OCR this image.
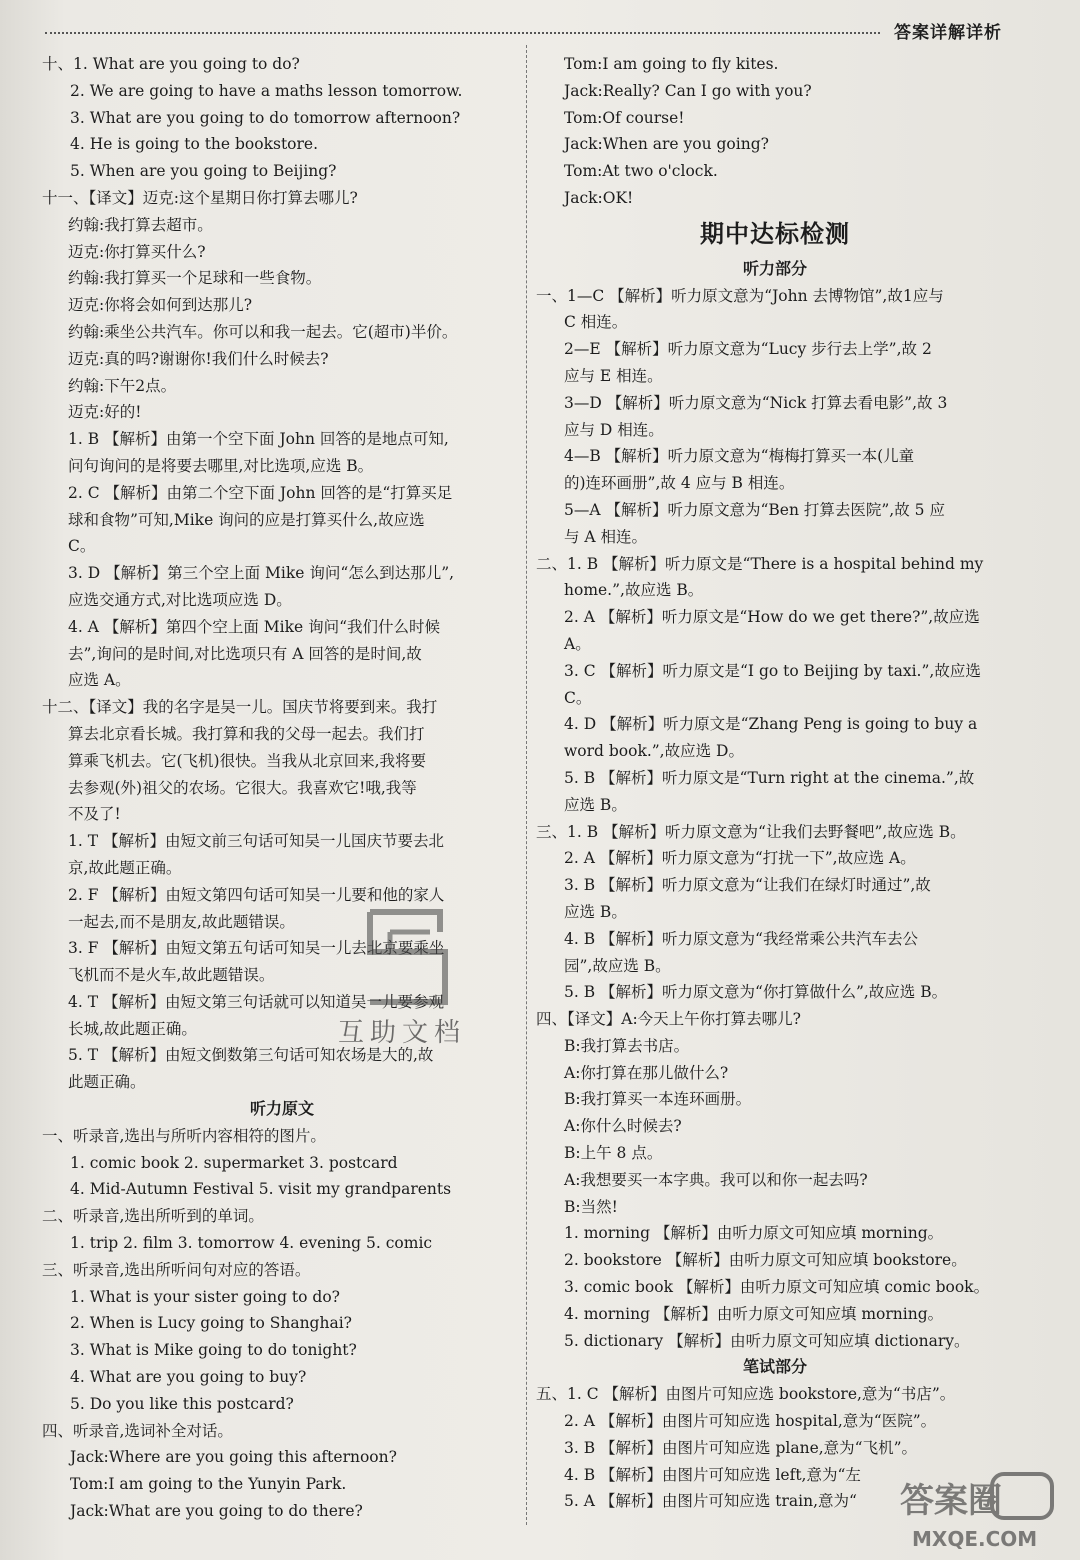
答案详解详析
十、1. What are you going to do?
2. We are going to have a maths lesson tomorrow.
3. What are you going to do tomorrow afternoon?
4. He is going to the bookstore.
5. When are you going to Beijing?
十一、【译文】迈克:这个星期日你打算去哪儿?
约翰:我打算去超市。
迈克:你打算买什么?
约翰:我打算买一个足球和一些食物。
迈克:你将会如何到达那儿?
约翰:乘坐公共汽车。你可以和我一起去。它(超市)半价。
迈克:真的吗?谢谢你!我们什么时候去?
约翰:下午2点。
迈克:好的!
1. B 【解析】由第一个空下面 John 回答的是地点可知,
问句询问的是将要去哪里,对比选项,应选 B。
2. C 【解析】由第二个空下面 John 回答的是“打算买足
球和食物”可知,Mike 询问的应是打算买什么,故应选
C。
3. D 【解析】第三个空上面 Mike 询问“怎么到达那儿”,
应选交通方式,对比选项应选 D。
4. A 【解析】第四个空上面 Mike 询问“我们什么时候
去”,询问的是时间,对比选项只有 A 回答的是时间,故
应选 A。
十二、【译文】我的名字是吴一儿。国庆节将要到来。我打
算去北京看长城。我打算和我的父母一起去。我们打
算乘飞机去。它(飞机)很快。当我从北京回来,我将要
去参观(外)祖父的农场。它很大。我喜欢它!哦,我等
不及了!
1. T 【解析】由短文前三句话可知吴一儿国庆节要去北
京,故此题正确。
2. F 【解析】由短文第四句话可知吴一儿要和他的家人
一起去,而不是朋友,故此题错误。
3. F 【解析】由短文第五句话可知吴一儿去北京要乘坐
飞机而不是火车,故此题错误。
4. T 【解析】由短文第三句话就可以知道吴一儿要参观
长城,故此题正确。
5. T 【解析】由短文倒数第三句话可知农场是大的,故
此题正确。
听力原文
一、听录音,选出与所听内容相符的图片。
1. comic book 2. supermarket 3. postcard
4. Mid-Autumn Festival 5. visit my grandparents
二、听录音,选出所听到的单词。
1. trip 2. film 3. tomorrow 4. evening 5. comic
三、听录音,选出所听问句对应的答语。
1. What is your sister going to do?
2. When is Lucy going to Shanghai?
3. What is Mike going to do tonight?
4. What are you going to buy?
5. Do you like this postcard?
四、听录音,选词补全对话。
Jack:Where are you going this afternoon?
Tom:I am going to the Yunyin Park.
Jack:What are you going to do there?
Tom:I am going to fly kites.
Jack:Really? Can I go with you?
Tom:Of course!
Jack:When are you going?
Tom:At two o'clock.
Jack:OK!
期中达标检测
听力部分
一、1—C 【解析】听力原文意为“John 去博物馆”,故1应与
C 相连。
2—E 【解析】听力原文意为“Lucy 步行去上学”,故 2
应与 E 相连。
3—D 【解析】听力原文意为“Nick 打算去看电影”,故 3
应与 D 相连。
4—B 【解析】听力原文意为“梅梅打算买一本(儿童
的)连环画册”,故 4 应与 B 相连。
5—A 【解析】听力原文意为“Ben 打算去医院”,故 5 应
与 A 相连。
二、1. B 【解析】听力原文是“There is a hospital behind my
home.”,故应选 B。
2. A 【解析】听力原文是“How do we get there?”,故应选
A。
3. C 【解析】听力原文是“I go to Beijing by taxi.”,故应选
C。
4. D 【解析】听力原文是“Zhang Peng is going to buy a
word book.”,故应选 D。
5. B 【解析】听力原文是“Turn right at the cinema.”,故
应选 B。
三、1. B 【解析】听力原文意为“让我们去野餐吧”,故应选 B。
2. A 【解析】听力原文意为“打扰一下”,故应选 A。
3. B 【解析】听力原文意为“让我们在绿灯时通过”,故
应选 B。
4. B 【解析】听力原文意为“我经常乘公共汽车去公
园”,故应选 B。
5. B 【解析】听力原文意为“你打算做什么”,故应选 B。
四、【译文】A:今天上午你打算去哪儿?
B:我打算去书店。
A:你打算在那儿做什么?
B:我打算买一本连环画册。
A:你什么时候去?
B:上午 8 点。
A:我想要买一本字典。我可以和你一起去吗?
B:当然!
1. morning 【解析】由听力原文可知应填 morning。
2. bookstore 【解析】由听力原文可知应填 bookstore。
3. comic book 【解析】由听力原文可知应填 comic book。
4. morning 【解析】由听力原文可知应填 morning。
5. dictionary 【解析】由听力原文可知应填 dictionary。
笔试部分
五、1. C 【解析】由图片可知应选 bookstore,意为“书店”。
2. A 【解析】由图片可知应选 hospital,意为“医院”。
3. B 【解析】由图片可知应选 plane,意为“飞机”。
4. B 【解析】由图片可知应选 left,意为“左
5. A 【解析】由图片可知应选 train,意为“
互助文档
答案圈
MXQE.COM
